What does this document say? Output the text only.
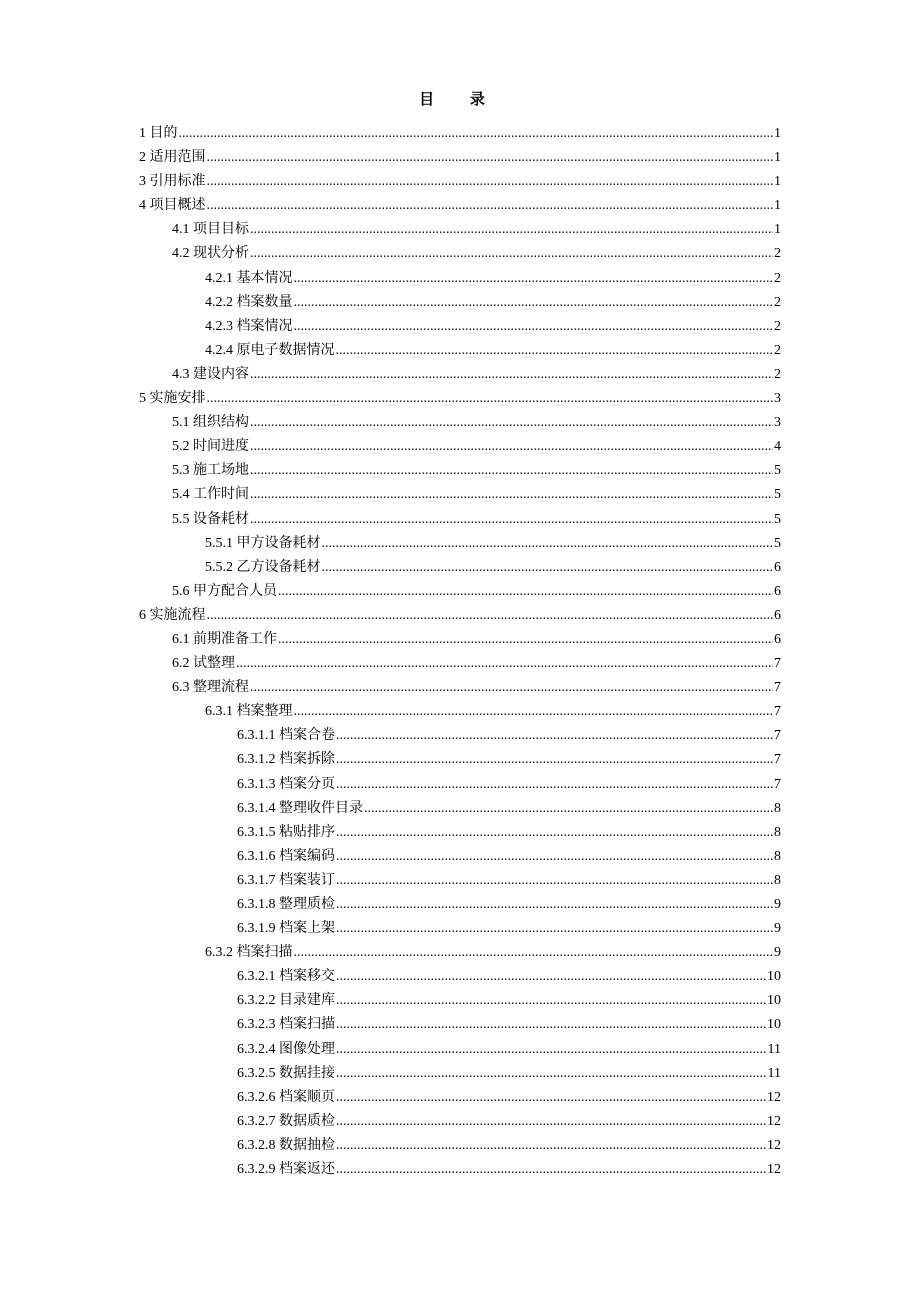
目 录
1 目的 .....	1
2 适用范围 .....	1
3 引用标准 .....	1
4 项目概述 .....	1
4.1 项目目标 .....	1
4.2 现状分析 .....	2
4.2.1 基本情况 .....	2
4.2.2 档案数量 .....	2
4.2.3 档案情况 .....	2
4.2.4 原电子数据情况 .....	2
4.3 建设内容 .....	2
5 实施安排 .....	3
5.1 组织结构 .....	3
5.2 时间进度 .....	4
5.3 施工场地 .....	5
5.4 工作时间 .....	5
5.5 设备耗材 .....	5
5.5.1 甲方设备耗材 .....	5
5.5.2 乙方设备耗材 .....	6
5.6 甲方配合人员 .....	6
6 实施流程 .....	6
6.1 前期准备工作 .....	6
6.2 试整理 .....	7
6.3 整理流程 .....	7
6.3.1 档案整理 .....	7
6.3.1.1 档案合卷 .....	7
6.3.1.2 档案拆除 .....	7
6.3.1.3 档案分页 .....	7
6.3.1.4 整理收件目录 .....	8
6.3.1.5 粘贴排序 .....	8
6.3.1.6 档案编码 .....	8
6.3.1.7 档案装订 .....	8
6.3.1.8 整理质检 .....	9
6.3.1.9 档案上架 .....	9
6.3.2 档案扫描 .....	9
6.3.2.1 档案移交 .....	10
6.3.2.2 目录建库 .....	10
6.3.2.3 档案扫描 .....	10
6.3.2.4 图像处理 .....	11
6.3.2.5 数据挂接 .....	11
6.3.2.6 档案顺页 .....	12
6.3.2.7 数据质检 .....	12
6.3.2.8 数据抽检 .....	12
6.3.2.9 档案返还 .....	12
